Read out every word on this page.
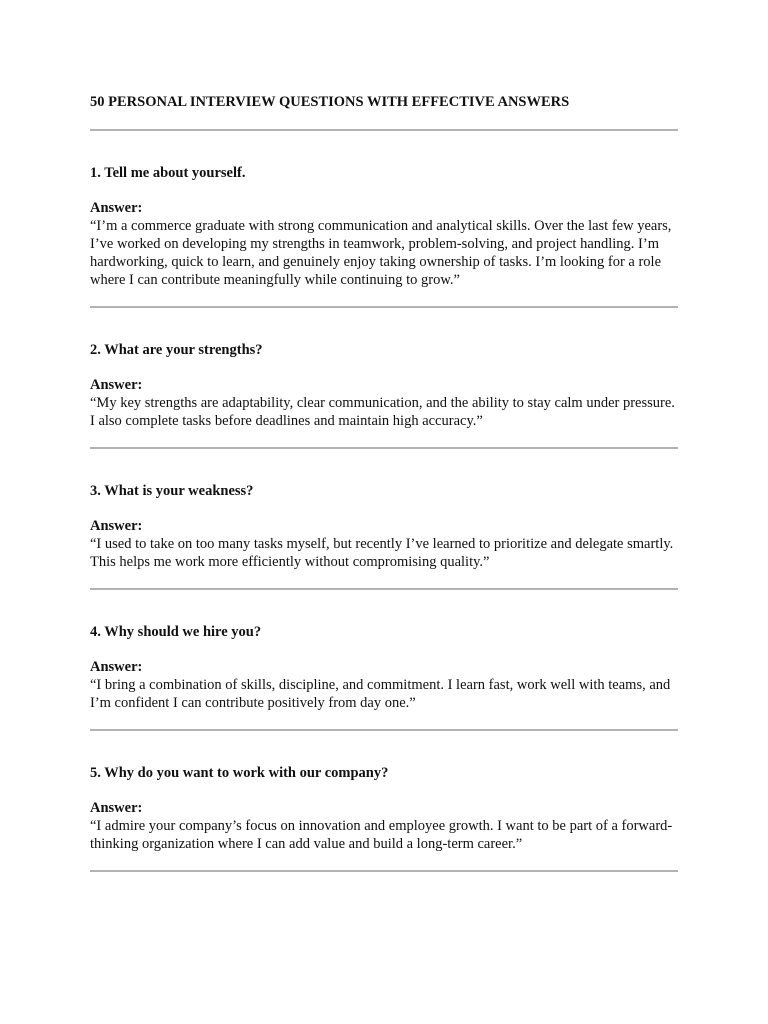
50 PERSONAL INTERVIEW QUESTIONS WITH EFFECTIVE ANSWERS

1. Tell me about yourself.

Answer:

“I’m a commerce graduate with strong communication and analytical skills. Over the last few years, I’ve worked on developing my strengths in teamwork, problem-solving, and project handling. I’m hardworking, quick to learn, and genuinely enjoy taking ownership of tasks. I’m looking for a role where I can contribute meaningfully while continuing to grow.”

2. What are your strengths?

Answer:

“My key strengths are adaptability, clear communication, and the ability to stay calm under pressure. I also complete tasks before deadlines and maintain high accuracy.”

3. What is your weakness?

Answer:

“I used to take on too many tasks myself, but recently I’ve learned to prioritize and delegate smartly. This helps me work more efficiently without compromising quality.”

4. Why should we hire you?

Answer:

“I bring a combination of skills, discipline, and commitment. I learn fast, work well with teams, and I’m confident I can contribute positively from day one.”

5. Why do you want to work with our company?

Answer:

“I admire your company’s focus on innovation and employee growth. I want to be part of a forward-thinking organization where I can add value and build a long-term career.”
